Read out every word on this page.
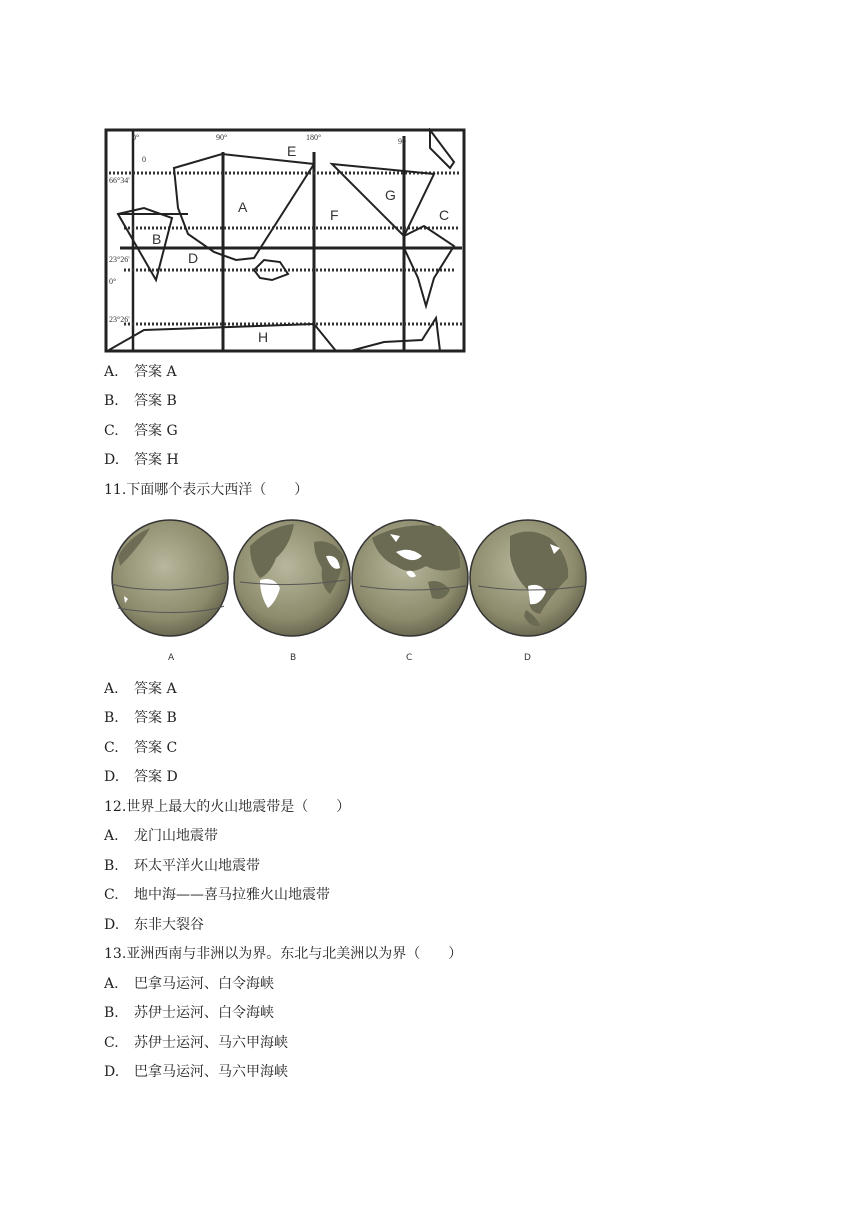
0°	90°	180°	90
0
66°34'
23°26'
0°
23°26'
A
B
C
D
E
F
G
H
A. 答案 A
B. 答案 B
C. 答案 G
D. 答案 H
11.下面哪个表示大西洋（　　）
A	B	C	D
A. 答案 A
B. 答案 B
C. 答案 C
D. 答案 D
12.世界上最大的火山地震带是（　　）
A. 龙门山地震带
B. 环太平洋火山地震带
C. 地中海——喜马拉雅火山地震带
D. 东非大裂谷
13.亚洲西南与非洲以为界。东北与北美洲以为界（　　）
A. 巴拿马运河、白令海峡
B. 苏伊士运河、白令海峡
C. 苏伊士运河、马六甲海峡
D. 巴拿马运河、马六甲海峡
